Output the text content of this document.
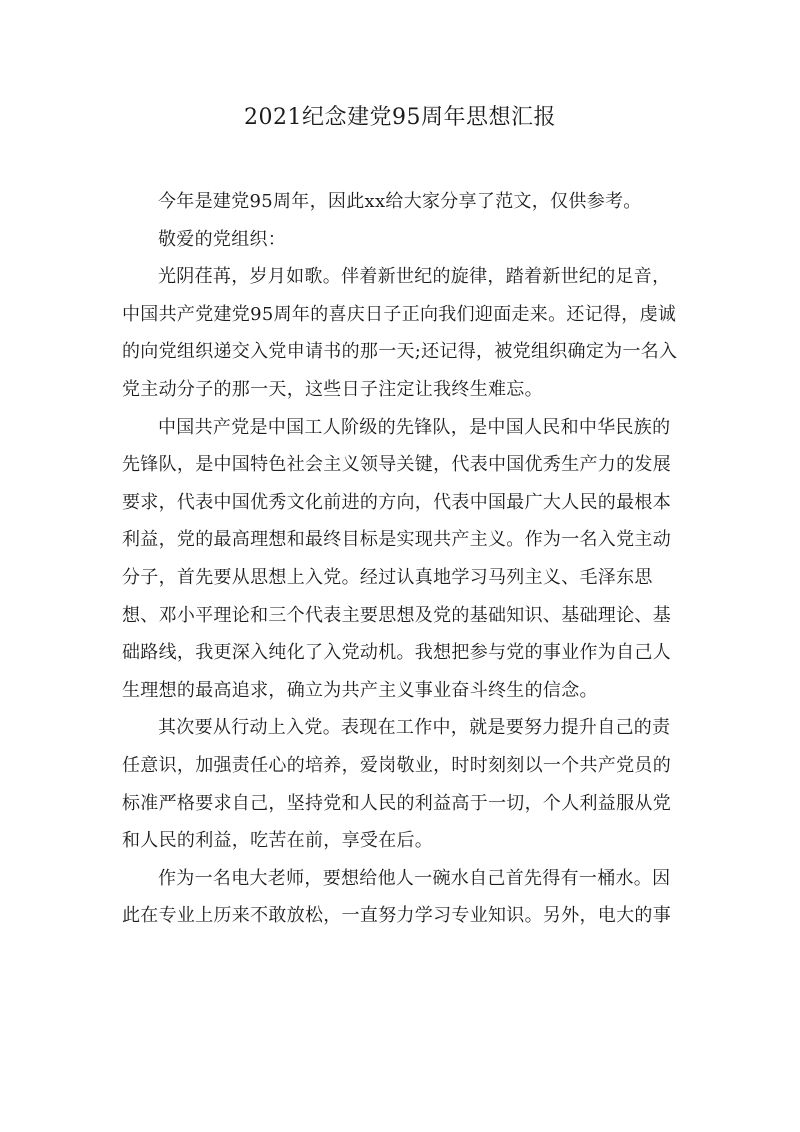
2021纪念建党95周年思想汇报

今年是建党95周年，因此xx给大家分享了范文，仅供参考。

敬爱的党组织：

光阴荏苒，岁月如歌。伴着新世纪的旋律，踏着新世纪的足音，中国共产党建党95周年的喜庆日子正向我们迎面走来。还记得，虔诚的向党组织递交入党申请书的那一天;还记得，被党组织确定为一名入党主动分子的那一天，这些日子注定让我终生难忘。

中国共产党是中国工人阶级的先锋队，是中国人民和中华民族的先锋队，是中国特色社会主义领导关键，代表中国优秀生产力的发展要求，代表中国优秀文化前进的方向，代表中国最广大人民的最根本利益，党的最高理想和最终目标是实现共产主义。作为一名入党主动分子，首先要从思想上入党。经过认真地学习马列主义、毛泽东思想、邓小平理论和三个代表主要思想及党的基础知识、基础理论、基础路线，我更深入纯化了入党动机。我想把参与党的事业作为自己人生理想的最高追求，确立为共产主义事业奋斗终生的信念。

其次要从行动上入党。表现在工作中，就是要努力提升自己的责任意识，加强责任心的培养，爱岗敬业，时时刻刻以一个共产党员的标准严格要求自己，坚持党和人民的利益高于一切，个人利益服从党和人民的利益，吃苦在前，享受在后。

作为一名电大老师，要想给他人一碗水自己首先得有一桶水。因此在专业上历来不敢放松，一直努力学习专业知识。另外，电大的事
